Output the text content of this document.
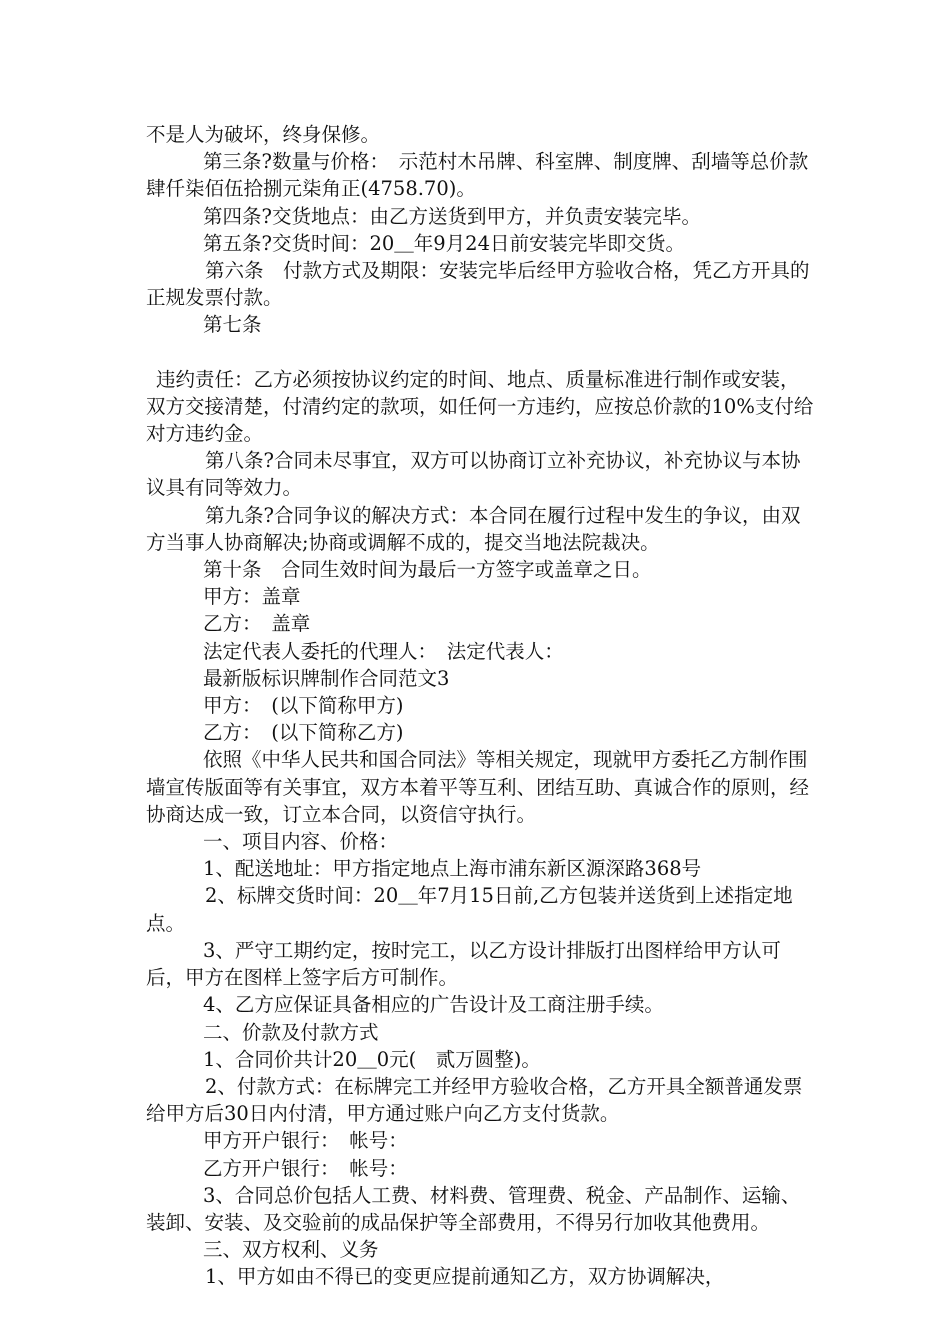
不是人为破坏，终身保修。

第三条?数量与价格：　示范村木吊牌、科室牌、制度牌、刮墙等总价款肆仟柒佰伍拾捌元柒角正(4758.70)。

第四条?交货地点：由乙方送货到甲方，并负责安装完毕。

第五条?交货时间：20＿年9月24日前安装完毕即交货。

第六条　付款方式及期限：安装完毕后经甲方验收合格，凭乙方开具的正规发票付款。

第七条

违约责任：乙方必须按协议约定的时间、地点、质量标准进行制作或安装，双方交接清楚，付清约定的款项，如任何一方违约，应按总价款的10%支付给对方违约金。

第八条?合同未尽事宜，双方可以协商订立补充协议，补充协议与本协议具有同等效力。

第九条?合同争议的解决方式：本合同在履行过程中发生的争议，由双方当事人协商解决;协商或调解不成的，提交当地法院裁决。

第十条　合同生效时间为最后一方签字或盖章之日。

甲方：盖章

乙方：　盖章

法定代表人委托的代理人：　法定代表人：

最新版标识牌制作合同范文3

甲方：　(以下简称甲方)

乙方：　(以下简称乙方)

依照《中华人民共和国合同法》等相关规定，现就甲方委托乙方制作围墙宣传版面等有关事宜，双方本着平等互利、团结互助、真诚合作的原则，经协商达成一致，订立本合同，以资信守执行。

一、项目内容、价格：

1、配送地址：甲方指定地点上海市浦东新区源深路368号

2、标牌交货时间：20＿年7月15日前,乙方包装并送货到上述指定地点。

3、严守工期约定，按时完工，以乙方设计排版打出图样给甲方认可后，甲方在图样上签字后方可制作。

4、乙方应保证具备相应的广告设计及工商注册手续。

二、价款及付款方式

1、合同价共计20＿0元(　贰万圆整)。

2、付款方式：在标牌完工并经甲方验收合格，乙方开具全额普通发票给甲方后30日内付清，甲方通过账户向乙方支付货款。

甲方开户银行：　帐号：

乙方开户银行：　帐号：

3、合同总价包括人工费、材料费、管理费、税金、产品制作、运输、装卸、安装、及交验前的成品保护等全部费用，不得另行加收其他费用。

三、双方权利、义务

1、甲方如由不得已的变更应提前通知乙方，双方协调解决，
